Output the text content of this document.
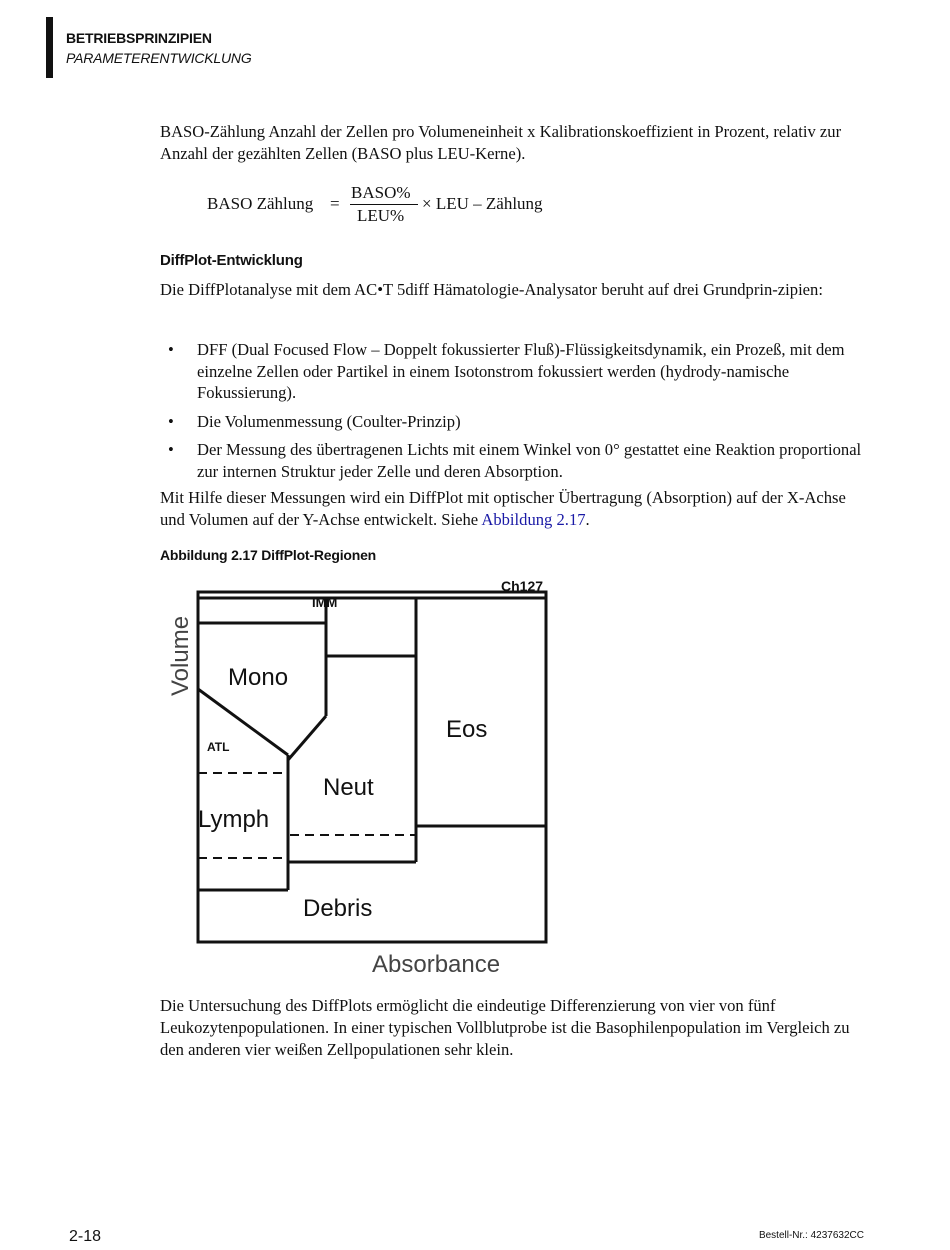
BETRIEBSPRINZIPIEN
PARAMETERENTWICKLUNG

BASO-Zählung Anzahl der Zellen pro Volumeneinheit x Kalibrationskoeffizient in Prozent, relativ zur Anzahl der gezählten Zellen (BASO plus LEU-Kerne).

BASO Zählung =
BASO%
LEU%
× LEU – Zählung
DiffPlot-Entwicklung

Die DiffPlotanalyse mit dem AC•T 5diff Hämatologie-Analysator beruht auf drei Grundprin-zipien:

• DFF (Dual Focused Flow – Doppelt fokussierter Fluß)-Flüssigkeitsdynamik, ein Prozeß, mit dem einzelne Zellen oder Partikel in einem Isotonstrom fokussiert werden (hydrody-namische Fokussierung).
• Die Volumenmessung (Coulter-Prinzip)
• Der Messung des übertragenen Lichts mit einem Winkel von 0° gestattet eine Reaktion proportional zur internen Struktur jeder Zelle und deren Absorption.

Mit Hilfe dieser Messungen wird ein DiffPlot mit optischer Übertragung (Absorption) auf der X-Achse und Volumen auf der Y-Achse entwickelt. Siehe Abbildung 2.17.

Abbildung 2.17 DiffPlot-Regionen
Ch127
IMM
Mono
ATL
Lymph
Neut
Eos
Debris
Absorbance
Volume

Die Untersuchung des DiffPlots ermöglicht die eindeutige Differenzierung von vier von fünf Leukozytenpopulationen. In einer typischen Vollblutprobe ist die Basophilenpopulation im Vergleich zu den anderen vier weißen Zellpopulationen sehr klein.

2-18	Bestell-Nr.: 4237632CC
